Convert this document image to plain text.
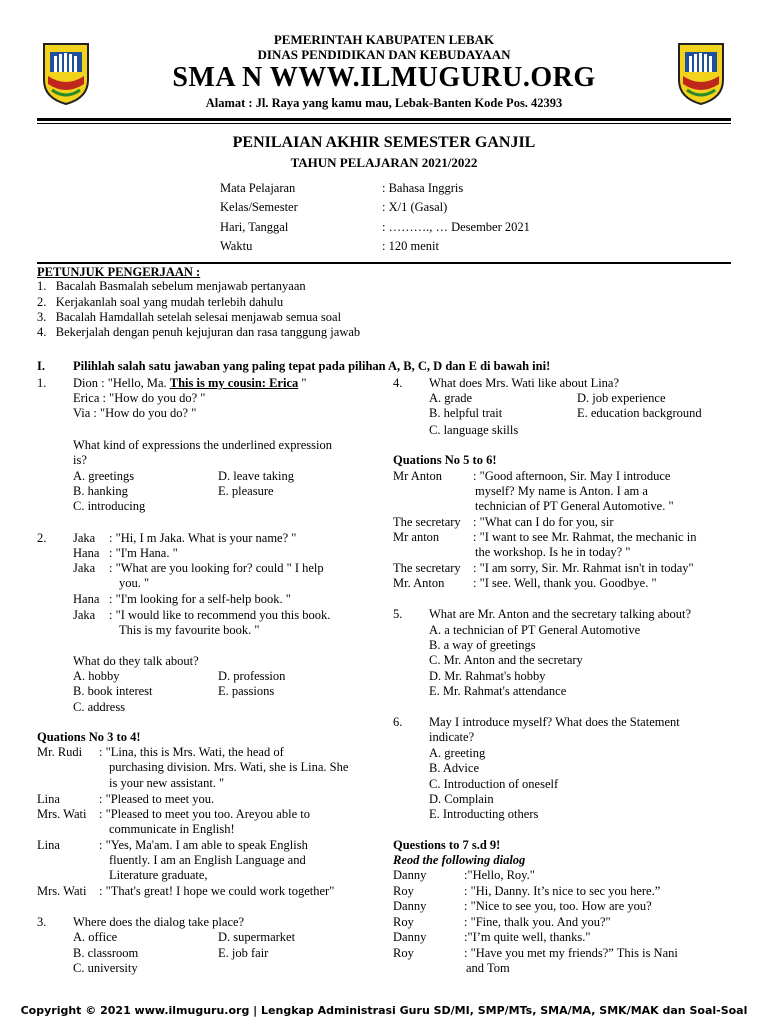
PEMERINTAH KABUPATEN LEBAK
DINAS PENDIDIKAN DAN KEBUDAYAAN
SMA N WWW.ILMUGURU.ORG
Alamat : Jl. Raya yang kamu mau, Lebak-Banten Kode Pos. 42393
PENILAIAN AKHIR SEMESTER GANJIL
TAHUN PELAJARAN 2021/2022
Mata Pelajaran	: Bahasa Inggris
Kelas/Semester	: X/1 (Gasal)
Hari, Tanggal	: ………., … Desember 2021
Waktu	: 120 menit
PETUNJUK PENGERJAAN :
1.   Bacalah Basmalah sebelum menjawab pertanyaan
2.   Kerjakanlah soal yang mudah terlebih dahulu
3.   Bacalah Hamdallah setelah selesai menjawab semua soal
4.   Bekerjalah dengan penuh kejujuran dan rasa tanggung jawab
I. Pilihlah salah satu jawaban yang paling tepat pada pilihan A, B, C, D dan E di bawah ini!
1. Dion : "Hello, Ma. This is my cousin: Erica "
Erica : "How do you do? "
Via : "How do you do? "
What kind of expressions the underlined expression
is?
A. greetings	D. leave taking
B. hanking	E. pleasure
C. introducing
2. Jaka : "Hi, I m Jaka. What is your name? "
Hana : "I'm Hana. "
Jaka : "What are you looking for? could " I help
you. "
Hana : "I'm looking for a self-help book. "
Jaka : "I would like to recommend you this book.
This is my favourite book. "
What do they talk about?
A. hobby	D. profession
B. book interest	E. passions
C. address
Quations No 3 to 4!
Mr. Rudi : "Lina, this is Mrs. Wati, the head of
purchasing division. Mrs. Wati, she is Lina. She
is your new assistant. "
Lina	: "Pleased to meet you.
Mrs. Wati : "Pleased to meet you too. Areyou able to
communicate in English!
Lina	: "Yes, Ma'am. I am able to speak English
fluently. I am an English Language and
Literature graduate,
Mrs. Wati : "That's great! I hope we could work together"
3. Where does the dialog take place?
A. office	D. supermarket
B. classroom	E. job fair
C. university
4. What does Mrs. Wati like about Lina?
A. grade	D. job experience
B. helpful trait	E. education background
C. language skills
Quations No 5 to 6!
Mr Anton : "Good afternoon, Sir. May I introduce
myself? My name is Anton. I am a
technician of PT General Automotive. "
The secretary : "What can I do for you, sir
Mr anton	: "I want to see Mr. Rahmat, the mechanic in
the workshop. Is he in today? "
The secretary : "I am sorry, Sir. Mr. Rahmat isn't in today"
Mr. Anton : "I see. Well, thank you. Goodbye. "
5. What are Mr. Anton and the secretary talking about?
A. a technician of PT General Automotive
B. a way of greetings
C. Mr. Anton and the secretary
D. Mr. Rahmat's hobby
E. Mr. Rahmat's attendance
6. May I introduce myself? What does the Statement
indicate?
A. greeting
B. Advice
C. Introduction of oneself
D. Complain
E. Introducting others
Questions to 7 s.d 9!
Reod the following dialog
Danny	:"Hello, Roy."
Roy	: "Hi, Danny. It’s nice to sec you here.”
Danny	: "Nice to see you, too. How are you?
Roy	: "Fine, thalk you. And you?"
Danny	:"I’m quite well, thanks."
Roy	: "Have you met my friends?” This is Nani
and Tom
Copyright © 2021 www.ilmuguru.org | Lengkap Administrasi Guru SD/MI, SMP/MTs, SMA/MA, SMK/MAK dan Soal-Soal
